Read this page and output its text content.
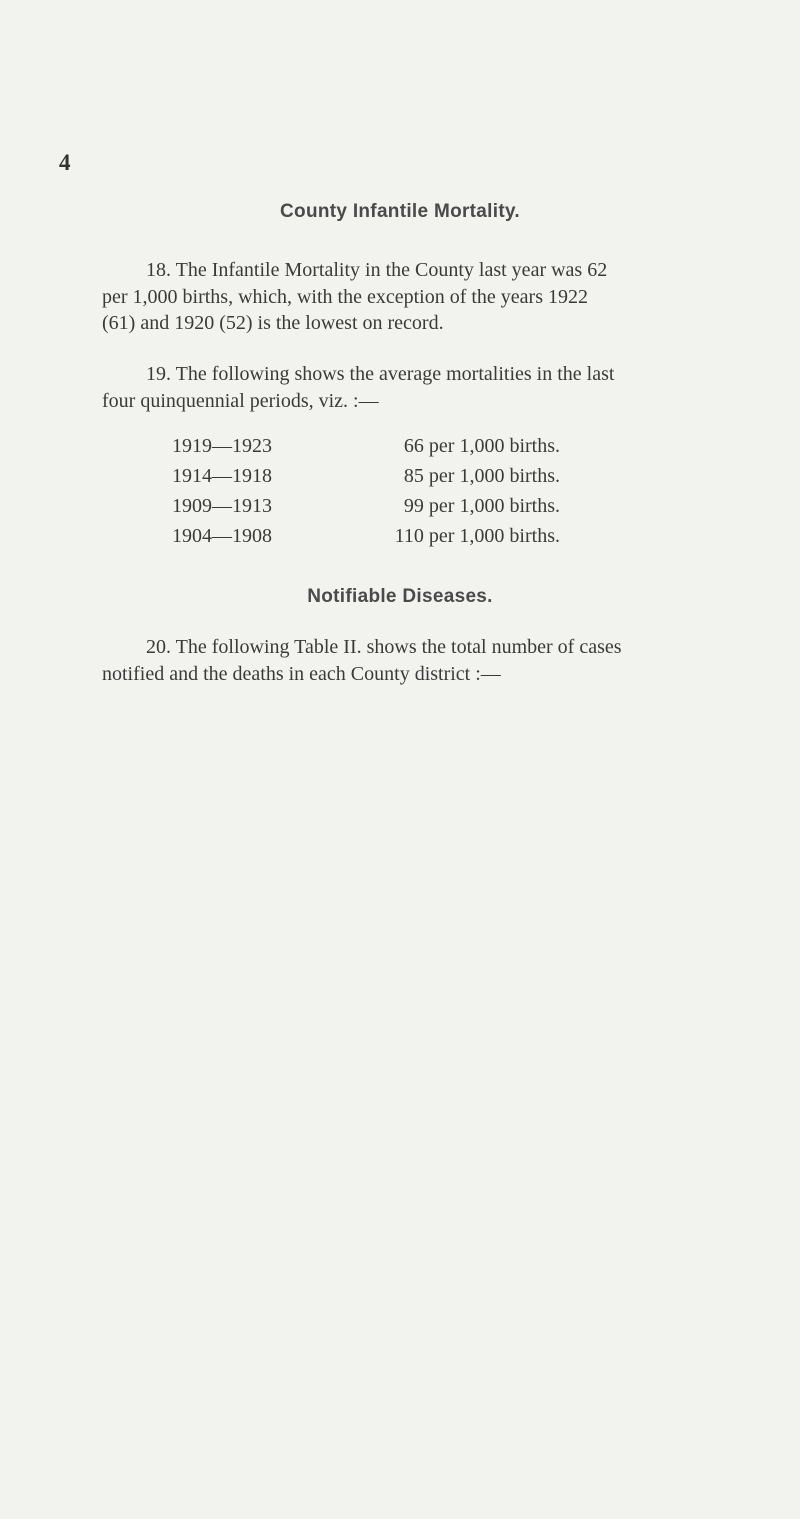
4
County Infantile Mortality.

18. The Infantile Mortality in the County last year was 62
per 1,000 births, which, with the exception of the years 1922
(61) and 1920 (52) is the lowest on record.

19. The following shows the average mortalities in the last
four quinquennial periods, viz. :—

1919—1923	66 per 1,000 births.
1914—1918	85 per 1,000 births.
1909—1913	99 per 1,000 births.
1904—1908	110 per 1,000 births.
Notifiable Diseases.

20. The following Table II. shows the total number of cases
notified and the deaths in each County district :—
